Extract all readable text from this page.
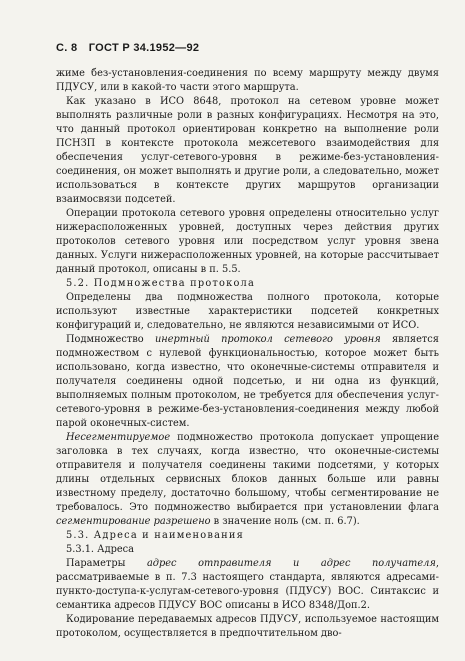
С. 8 ГОСТ Р 34.1952—92

жимe без-установления-соединения по всему маршруту между двумя ПДУСУ, или в какой-то части этого маршрута.

Как указано в ИСО 8648, протокол на сетевом уровне может выполнять различные роли в разных конфигурациях. Несмотря на это, что данный протокол ориентирован конкретно на выполнение роли ПСНЗП в контексте протокола межсетевого взаимодействия для обеспечения услуг-сетевого-уровня в режиме-без-установления-соединения, он может выполнять и другие роли, а следовательно, может использоваться в контексте других маршрутов организации взаимосвязи подсетей.

Операции протокола сетевого уровня определены относительно услуг нижерасположенных уровней, доступных через действия других протоколов сетевого уровня или посредством услуг уровня звена данных. Услуги нижерасположенных уровней, на которые рассчитывает данный протокол, описаны в п. 5.5.

5.2. Подмножества протокола

Определены два подмножества полного протокола, которые используют известные характеристики подсетей конкретных конфигураций и, следовательно, не являются независимыми от ИСО.

Подмножество инертный протокол сетевого уровня является подмножеством с нулевой функциональностью, которое может быть использовано, когда известно, что оконечные-системы отправителя и получателя соединены одной подсетью, и ни одна из функций, выполняемых полным протоколом, не требуется для обеспечения услуг-сетевого-уровня в режиме-без-установления-соединения между любой парой оконечных-систем.

Несегментируемое подмножество протокола допускает упрощение заголовка в тех случаях, когда известно, что оконечные-системы отправителя и получателя соединены такими подсетями, у которых длины отдельных сервисных блоков данных больше или равны известному пределу, достаточно большому, чтобы сегментирование не требовалось. Это подмножество выбирается при установлении флага сегментирование разрешено в значение ноль (см. п. 6.7).

5.3. Адреса и наименования
5.3.1. Адреса

Параметры адрес отправителя и адрес получателя, рассматриваемые в п. 7.3 настоящего стандарта, являются адресами-пункто-доступа-к-услугам-сетевого-уровня (ПДУСУ) ВОС. Синтаксис и семантика адресов ПДУСУ ВОС описаны в ИСО 8348/Доп.2.

Кодирование передаваемых адресов ПДУСУ, используемое настоящим протоколом, осуществляется в предпочтительном дво-
